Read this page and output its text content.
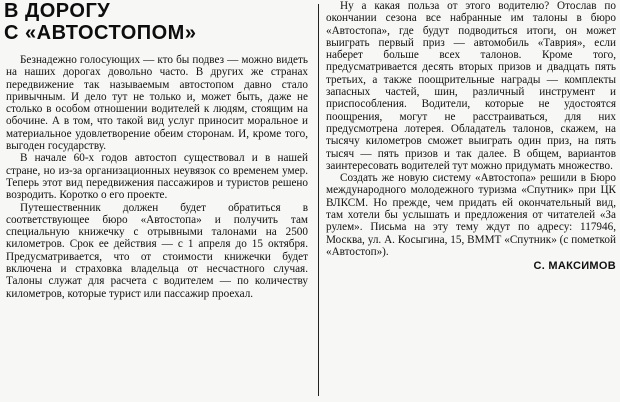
В ДОРОГУ
С «АВТОСТОПОМ»

Безнадежно голосующих — кто бы подвез — можно видеть на наших дорогах довольно часто. В других же странах передвижение так называемым автостопом давно стало привычным. И дело тут не только и, может быть, даже не столько в особом отношении водителей к людям, стоящим на обочине. А в том, что такой вид услуг приносит моральное и материальное удовлетворение обеим сторонам. И, кроме того, выгоден государству.

В начале 60-х годов автостоп существовал и в нашей стране, но из-за организационных неувязок со временем умер. Теперь этот вид передвижения пассажиров и туристов решено возродить. Коротко о его проекте.

Путешественник должен будет обратиться в соответствующее бюро «Автостопа» и получить там специальную книжечку с отрывными талонами на 2500 километров. Срок ее действия — с 1 апреля до 15 октября. Предусматривается, что от стоимости книжечки будет включена и страховка владельца от несчастного случая. Талоны служат для расчета с водителем — по количеству километров, которые турист или пассажир проехал.

Ну а какая польза от этого водителю? Отослав по окончании сезона все набранные им талоны в бюро «Автостопа», где будут подводиться итоги, он может выиграть первый приз — автомобиль «Таврия», если наберет больше всех талонов. Кроме того, предусматривается десять вторых призов и двадцать пять третьих, а также поощрительные награды — комплекты запасных частей, шин, различный инструмент и приспособления. Водители, которые не удостоятся поощрения, могут не расстраиваться, для них предусмотрена лотерея. Обладатель талонов, скажем, на тысячу километров сможет выиграть один приз, на пять тысяч — пять призов и так далее. В общем, вариантов заинтересовать водителей тут можно придумать множество.

Создать же новую систему «Автостопа» решили в Бюро международного молодежного туризма «Спутник» при ЦК ВЛКСМ. Но прежде, чем придать ей окончательный вид, там хотели бы услышать и предложения от читателей «За рулем». Письма на эту тему ждут по адресу: 117946, Москва, ул. А. Косыгина, 15, ВММТ «Спутник» (с пометкой «Автостоп»).

С. МАКСИМОВ
